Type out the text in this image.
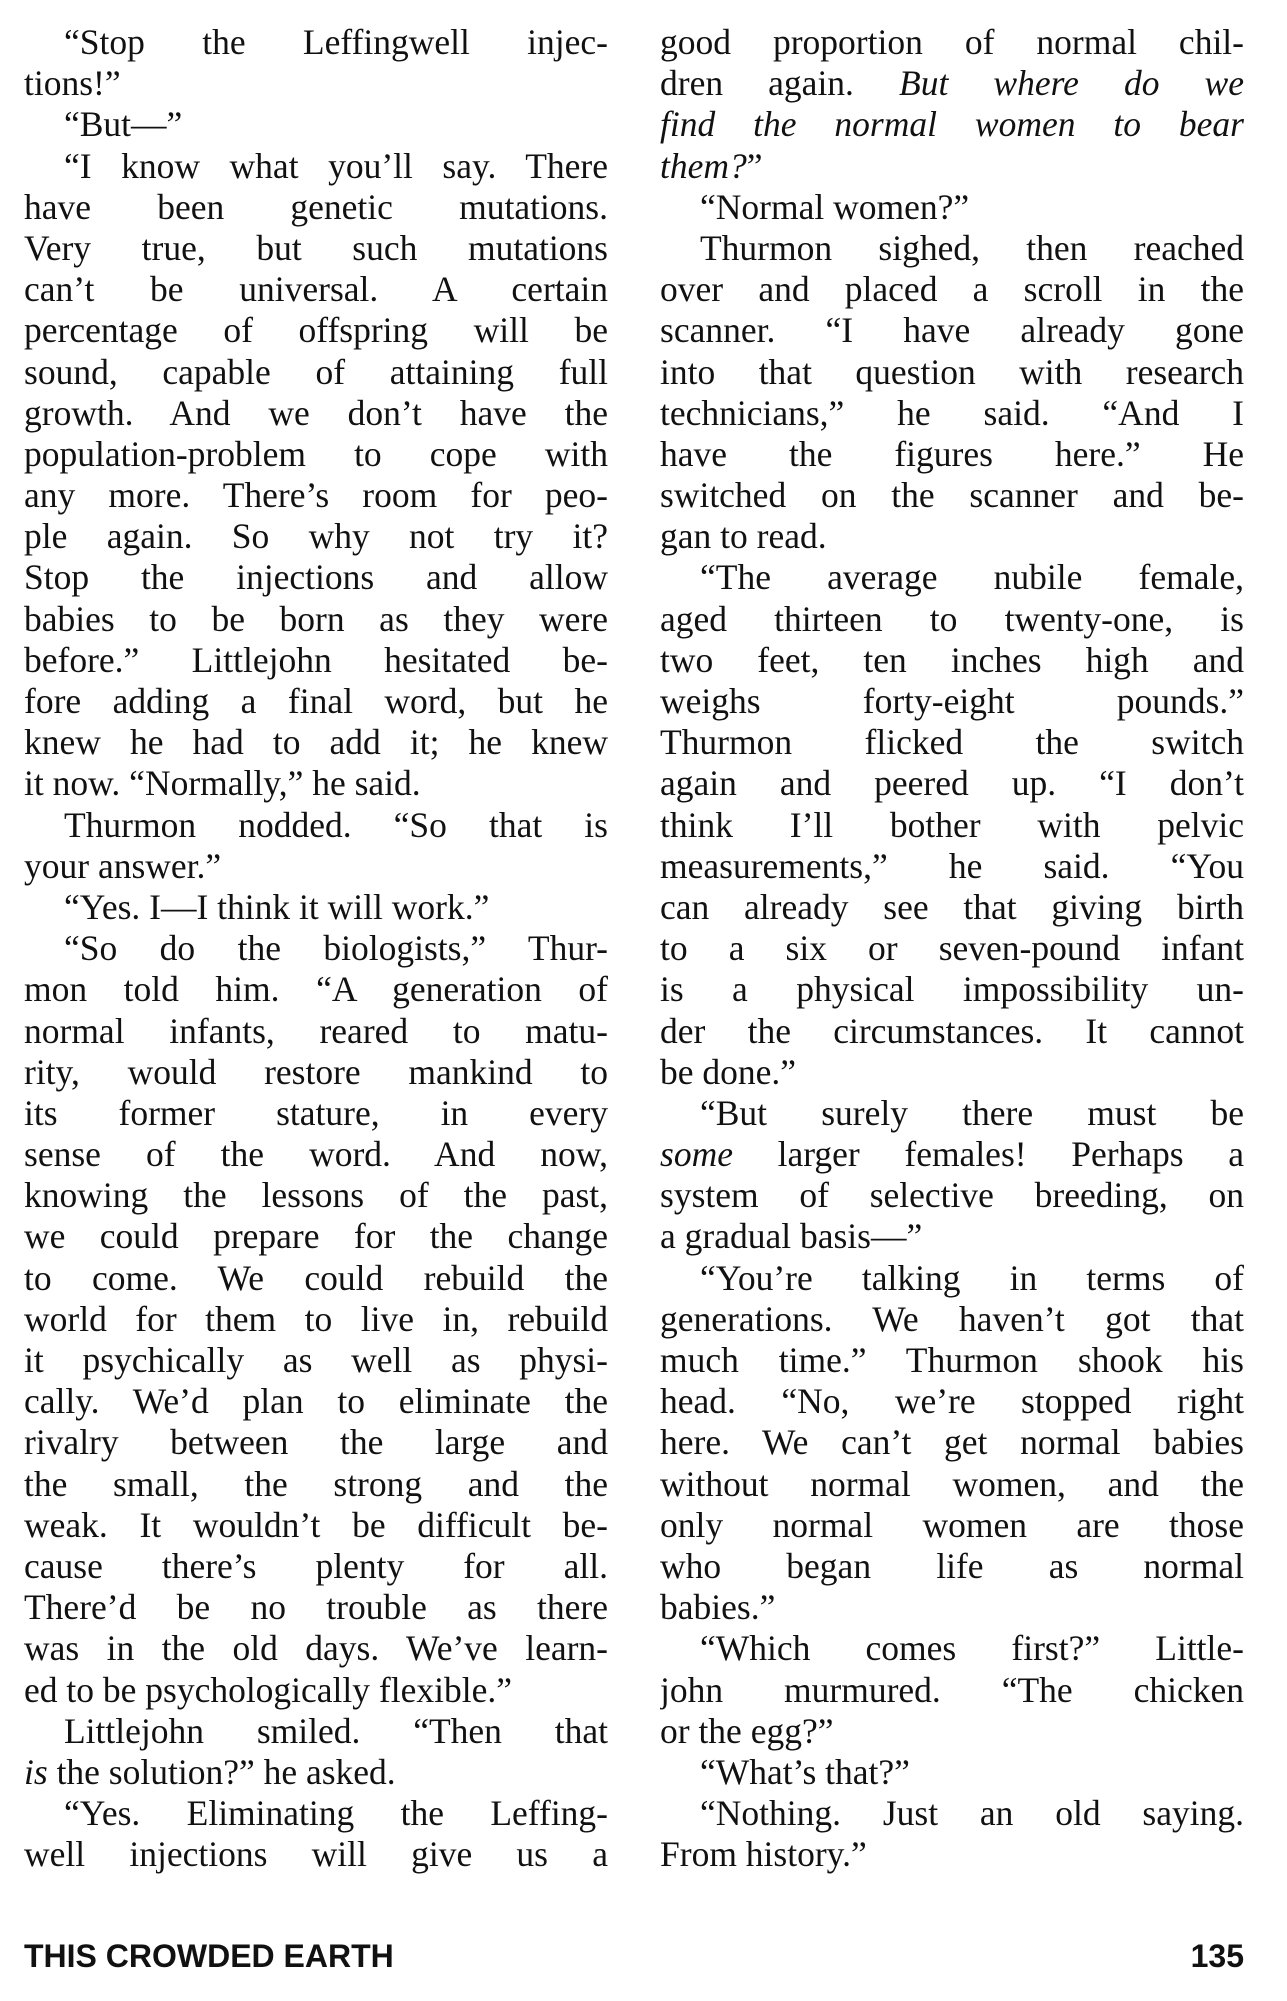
“Stop the Leffingwell injec-
tions!”
“But—”
“I know what you’ll say. There
have been genetic mutations.
Very true, but such mutations
can’t be universal. A certain
percentage of offspring will be
sound, capable of attaining full
growth. And we don’t have the
population-problem to cope with
any more. There’s room for peo-
ple again. So why not try it?
Stop the injections and allow
babies to be born as they were
before.” Littlejohn hesitated be-
fore adding a final word, but he
knew he had to add it; he knew
it now. “Normally,” he said.
Thurmon nodded. “So that is
your answer.”
“Yes. I—I think it will work.”
“So do the biologists,” Thur-
mon told him. “A generation of
normal infants, reared to matu-
rity, would restore mankind to
its former stature, in every
sense of the word. And now,
knowing the lessons of the past,
we could prepare for the change
to come. We could rebuild the
world for them to live in, rebuild
it psychically as well as physi-
cally. We’d plan to eliminate the
rivalry between the large and
the small, the strong and the
weak. It wouldn’t be difficult be-
cause there’s plenty for all.
There’d be no trouble as there
was in the old days. We’ve learn-
ed to be psychologically flexible.”
Littlejohn smiled. “Then that
is the solution?” he asked.
“Yes. Eliminating the Leffing-
well injections will give us a
good proportion of normal chil-
dren again. But where do we
find the normal women to bear
them?”
“Normal women?”
Thurmon sighed, then reached
over and placed a scroll in the
scanner. “I have already gone
into that question with research
technicians,” he said. “And I
have the figures here.” He
switched on the scanner and be-
gan to read.
“The average nubile female,
aged thirteen to twenty-one, is
two feet, ten inches high and
weighs forty-eight pounds.”
Thurmon flicked the switch
again and peered up. “I don’t
think I’ll bother with pelvic
measurements,” he said. “You
can already see that giving birth
to a six or seven-pound infant
is a physical impossibility un-
der the circumstances. It cannot
be done.”
“But surely there must be
some larger females! Perhaps a
system of selective breeding, on
a gradual basis—”
“You’re talking in terms of
generations. We haven’t got that
much time.” Thurmon shook his
head. “No, we’re stopped right
here. We can’t get normal babies
without normal women, and the
only normal women are those
who began life as normal
babies.”
“Which comes first?” Little-
john murmured. “The chicken
or the egg?”
“What’s that?”
“Nothing. Just an old saying.
From history.”
THIS CROWDED EARTH	135
